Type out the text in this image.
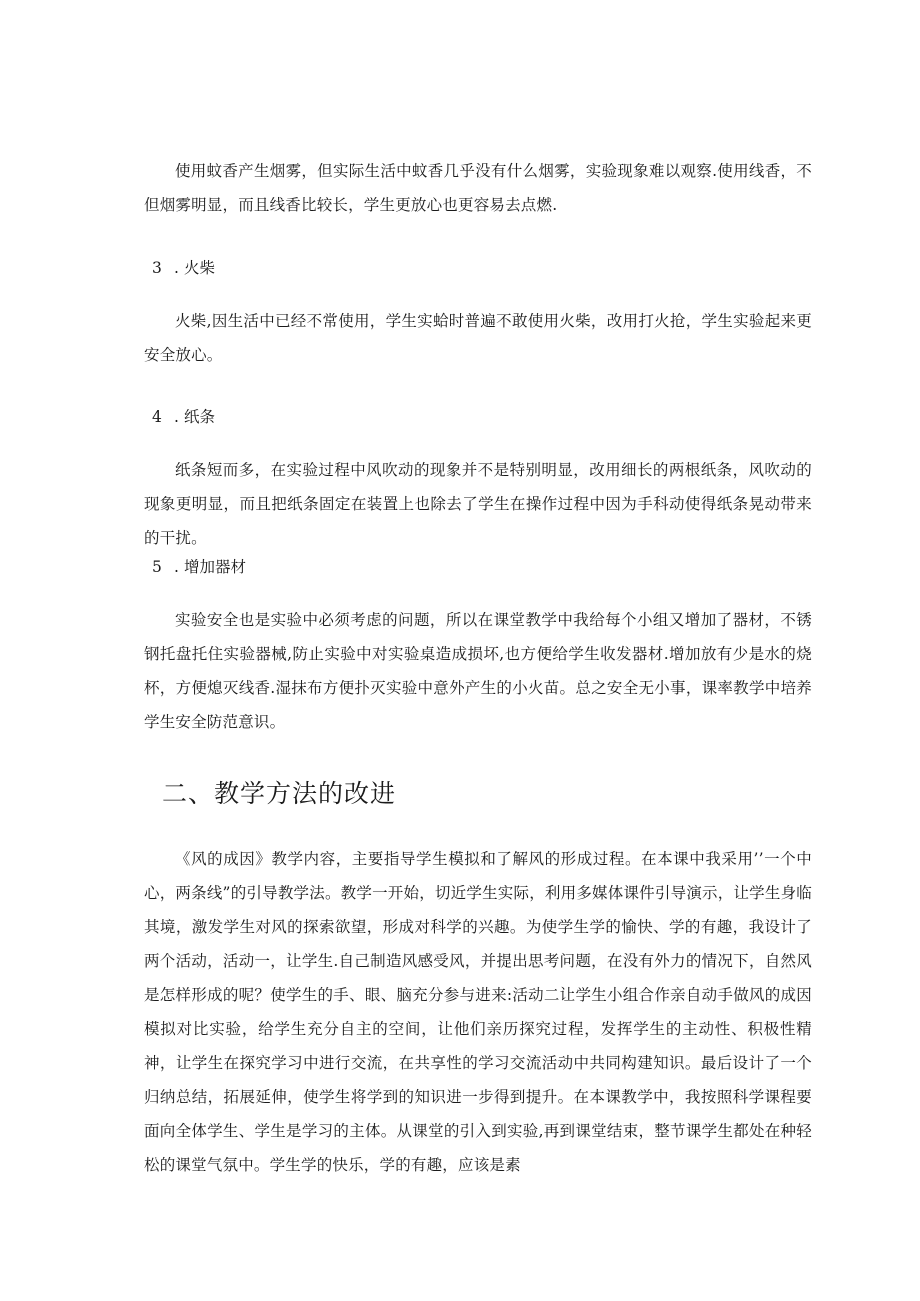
使用蚊香产生烟雾，但实际生活中蚊香几乎没有什么烟雾，实验现象难以观察.使用线香，不但烟雾明显，而且线香比较长，学生更放心也更容易去点燃.

3 . 火柴

火柴,因生活中已经不常使用，学生实蛤时普遍不敢使用火柴，改用打火抢，学生实验起来更安全放心。

4 . 纸条

纸条短而多，在实验过程中风吹动的现象并不是特别明显，改用细长的两根纸条，风吹动的现象更明显，而且把纸条固定在装置上也除去了学生在操作过程中因为手科动使得纸条晃动带来的干扰。

5 . 增加器材

实验安全也是实验中必须考虑的问题，所以在课堂教学中我给每个小组又增加了器材，不锈钢托盘托住实验器械,防止实验中对实验桌造成损坏,也方便给学生收发器材.增加放有少是水的烧杯，方便熄灭线香.湿抹布方便扑灭实验中意外产生的小火苗。总之安全无小事，课率教学中培养学生安全防范意识。

二、教学方法的改进

《风的成因》教学内容，主要指导学生模拟和了解风的形成过程。在本课中我采用’’一个中心，两条线”的引导教学法。教学一开始，切近学生实际，利用多媒体课件引导演示，让学生身临其境，激发学生对风的探索欲望，形成对科学的兴趣。为使学生学的愉快、学的有趣，我设计了两个活动，活动一，让学生.自己制造风感受风，并提出思考问题，在没有外力的情况下，自然风是怎样形成的呢？使学生的手、眼、脑充分参与进来:活动二让学生小组合作亲自动手做风的成因模拟对比实验，给学生充分自主的空间，让他们亲历探究过程，发挥学生的主动性、积极性精神，让学生在探究学习中进行交流，在共享性的学习交流活动中共同构建知识。最后设计了一个归纳总结，拓展延伸，使学生将学到的知识进一步得到提升。在本课教学中，我按照科学课程要面向全体学生、学生是学习的主体。从课堂的引入到实验,再到课堂结束，整节课学生都处在种轻松的课堂气氛中。学生学的快乐，学的有趣，应该是素
